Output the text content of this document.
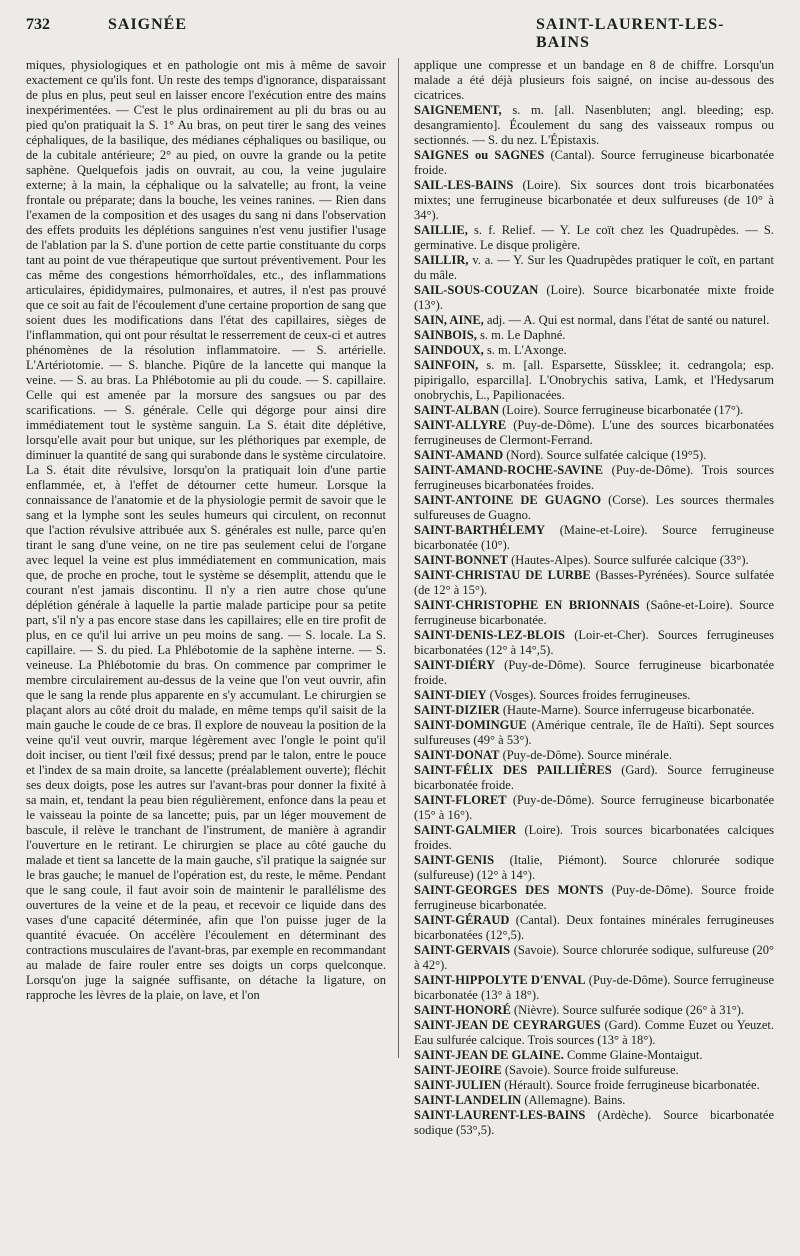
732	SAIGNÉE	SAINT-LAURENT-LES-BAINS

miques, physiologiques et en pathologie ont mis à même de savoir exactement ce qu'ils font. Un reste des temps d'ignorance, disparaissant de plus en plus, peut seul en laisser encore l'exécution entre des mains inexpérimentées. — C'est le plus ordinairement au pli du bras ou au pied qu'on pratiquait la S. 1° Au bras, on peut tirer le sang des veines céphaliques, de la basilique, des médianes céphaliques ou basilique, ou de la cubitale antérieure; 2° au pied, on ouvre la grande ou la petite saphène. Quelquefois jadis on ouvrait, au cou, la veine jugulaire externe; à la main, la céphalique ou la salvatelle; au front, la veine frontale ou préparate; dans la bouche, les veines ranines. — Rien dans l'examen de la composition et des usages du sang ni dans l'observation des effets produits les déplétions sanguines n'est venu justifier l'usage de l'ablation par la S. d'une portion de cette partie constituante du corps tant au point de vue thérapeutique que surtout préventivement. Pour les cas même des congestions hémorrhoïdales, etc., des inflammations articulaires, épididymaires, pulmonaires, et autres, il n'est pas prouvé que ce soit au fait de l'écoulement d'une certaine proportion de sang que soient dues les modifications dans l'état des capillaires, sièges de l'inflammation, qui ont pour résultat le resserrement de ceux-ci et autres phénomènes de la résolution inflammatoire. — S. artérielle. L'Artériotomie. — S. blanche. Piqûre de la lancette qui manque la veine. — S. au bras. La Phlébotomie au pli du coude. — S. capillaire. Celle qui est amenée par la morsure des sangsues ou par des scarifications. — S. générale. Celle qui dégorge pour ainsi dire immédiatement tout le système sanguin. La S. était dite déplétive, lorsqu'elle avait pour but unique, sur les pléthoriques par exemple, de diminuer la quantité de sang qui surabonde dans le système circulatoire. La S. était dite révulsive, lorsqu'on la pratiquait loin d'une partie enflammée, et, à l'effet de détourner cette humeur. Lorsque la connaissance de l'anatomie et de la physiologie permit de savoir que le sang et la lymphe sont les seules humeurs qui circulent, on reconnut que l'action révulsive attribuée aux S. générales est nulle, parce qu'en tirant le sang d'une veine, on ne tire pas seulement celui de l'organe avec lequel la veine est plus immédiatement en communication, mais que, de proche en proche, tout le système se désemplit, attendu que le courant n'est jamais discontinu. Il n'y a rien autre chose qu'une déplétion générale à laquelle la partie malade participe pour sa petite part, s'il n'y a pas encore stase dans les capillaires; elle en tire profit de plus, en ce qu'il lui arrive un peu moins de sang. — S. locale. La S. capillaire. — S. du pied. La Phlébotomie de la saphène interne. — S. veineuse. La Phlébotomie du bras. On commence par comprimer le membre circulairement au-dessus de la veine que l'on veut ouvrir, afin que le sang la rende plus apparente en s'y accumulant. Le chirurgien se plaçant alors au côté droit du malade, en même temps qu'il saisit de la main gauche le coude de ce bras. Il explore de nouveau la position de la veine qu'il veut ouvrir, marque légèrement avec l'ongle le point qu'il doit inciser, ou tient l'œil fixé dessus; prend par le talon, entre le pouce et l'index de sa main droite, sa lancette (préalablement ouverte); fléchit ses deux doigts, pose les autres sur l'avant-bras pour donner la fixité à sa main, et, tendant la peau bien régulièrement, enfonce dans la peau et le vaisseau la pointe de sa lancette; puis, par un léger mouvement de bascule, il relève le tranchant de l'instrument, de manière à agrandir l'ouverture en le retirant. Le chirurgien se place au côté gauche du malade et tient sa lancette de la main gauche, s'il pratique la saignée sur le bras gauche; le manuel de l'opération est, du reste, le même. Pendant que le sang coule, il faut avoir soin de maintenir le parallélisme des ouvertures de la veine et de la peau, et recevoir ce liquide dans des vases d'une capacité déterminée, afin que l'on puisse juger de la quantité évacuée. On accélère l'écoulement en déterminant des contractions musculaires de l'avant-bras, par exemple en recommandant au malade de faire rouler entre ses doigts un corps quelconque. Lorsqu'on juge la saignée suffisante, on détache la ligature, on rapproche les lèvres de la plaie, on lave, et l'on

applique une compresse et un bandage en 8 de chiffre. Lorsqu'un malade a été déjà plusieurs fois saigné, on incise au-dessous des cicatrices.

SAIGNEMENT, s. m. [all. Nasenbluten; angl. bleeding; esp. desangramiento]. Écoulement du sang des vaisseaux rompus ou sectionnés. — S. du nez. L'Épistaxis.

SAIGNES ou SAGNES (Cantal). Source ferrugineuse bicarbonatée froide.

SAIL-LES-BAINS (Loire). Six sources dont trois bicarbonatées mixtes; une ferrugineuse bicarbonatée et deux sulfureuses (de 10° à 34°).

SAILLIE, s. f. Relief. — Y. Le coït chez les Quadrupèdes. — S. germinative. Le disque proligère.

SAILLIR, v. a. — Y. Sur les Quadrupèdes pratiquer le coït, en partant du mâle.

SAIL-SOUS-COUZAN (Loire). Source bicarbonatée mixte froide (13°).

SAIN, AINE, adj. — A. Qui est normal, dans l'état de santé ou naturel.

SAINBOIS, s. m. Le Daphné.

SAINDOUX, s. m. L'Axonge.

SAINFOIN, s. m. [all. Esparsette, Süssklee; it. cedrangola; esp. pipirigallo, esparcilla]. L'Onobrychis sativa, Lamk, et l'Hedysarum onobrychis, L., Papilionacées.

SAINT-ALBAN (Loire). Source ferrugineuse bicarbonatée (17°).

SAINT-ALLYRE (Puy-de-Dôme). L'une des sources bicarbonatées ferrugineuses de Clermont-Ferrand.

SAINT-AMAND (Nord). Source sulfatée calcique (19°5).

SAINT-AMAND-ROCHE-SAVINE (Puy-de-Dôme). Trois sources ferrugineuses bicarbonatées froides.

SAINT-ANTOINE DE GUAGNO (Corse). Les sources thermales sulfureuses de Guagno.

SAINT-BARTHÉLEMY (Maine-et-Loire). Source ferrugineuse bicarbonatée (10°).

SAINT-BONNET (Hautes-Alpes). Source sulfurée calcique (33°).

SAINT-CHRISTAU DE LURBE (Basses-Pyrénées). Source sulfatée (de 12° à 15°).

SAINT-CHRISTOPHE EN BRIONNAIS (Saône-et-Loire). Source ferrugineuse bicarbonatée.

SAINT-DENIS-LEZ-BLOIS (Loir-et-Cher). Sources ferrugineuses bicarbonatées (12° à 14°,5).

SAINT-DIÉRY (Puy-de-Dôme). Source ferrugineuse bicarbonatée froide.

SAINT-DIEY (Vosges). Sources froides ferrugineuses.

SAINT-DIZIER (Haute-Marne). Source inferrugeuse bicarbonatée.

SAINT-DOMINGUE (Amérique centrale, île de Haïti). Sept sources sulfureuses (49° à 53°).

SAINT-DONAT (Puy-de-Dôme). Source minérale.

SAINT-FÉLIX DES PAILLIÈRES (Gard). Source ferrugineuse bicarbonatée froide.

SAINT-FLORET (Puy-de-Dôme). Source ferrugineuse bicarbonatée (15° à 16°).

SAINT-GALMIER (Loire). Trois sources bicarbonatées calciques froides.

SAINT-GENIS (Italie, Piémont). Source chlorurée sodique (sulfureuse) (12° à 14°).

SAINT-GEORGES DES MONTS (Puy-de-Dôme). Source froide ferrugineuse bicarbonatée.

SAINT-GÉRAUD (Cantal). Deux fontaines minérales ferrugineuses bicarbonatées (12°,5).

SAINT-GERVAIS (Savoie). Source chlorurée sodique, sulfureuse (20° à 42°).

SAINT-HIPPOLYTE D'ENVAL (Puy-de-Dôme). Source ferrugineuse bicarbonatée (13° à 18°).

SAINT-HONORÉ (Nièvre). Source sulfurée sodique (26° à 31°).

SAINT-JEAN DE CEYRARGUES (Gard). Comme Euzet ou Yeuzet. Eau sulfurée calcique. Trois sources (13° à 18°).

SAINT-JEAN DE GLAINE. Comme Glaine-Montaigut.

SAINT-JEOIRE (Savoie). Source froide sulfureuse.

SAINT-JULIEN (Hérault). Source froide ferrugineuse bicarbonatée.

SAINT-LANDELIN (Allemagne). Bains.

SAINT-LAURENT-LES-BAINS (Ardèche). Source bicarbonatée sodique (53°,5).
